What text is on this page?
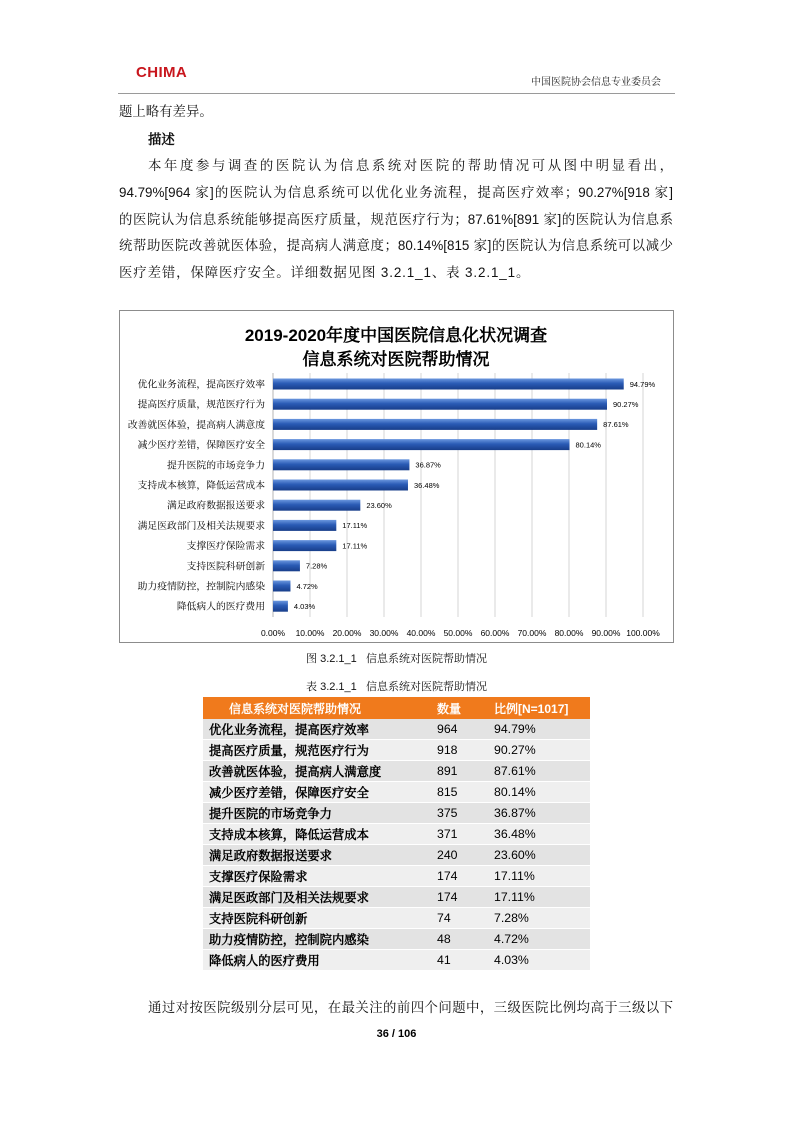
CHIMA
中国医院协会信息专业委员会
题上略有差异。
描述
本年度参与调查的医院认为信息系统对医院的帮助情况可从图中明显看出，
94.79%[964 家]的医院认为信息系统可以优化业务流程，提高医疗效率；90.27%[918 家]
的医院认为信息系统能够提高医疗质量，规范医疗行为；87.61%[891 家]的医院认为信息系
统帮助医院改善就医体验，提高病人满意度；80.14%[815 家]的医院认为信息系统可以减少
医疗差错，保障医疗安全。详细数据见图 3.2.1_1、表 3.2.1_1。
2019-2020年度中国医院信息化状况调查
信息系统对医院帮助情况
0.00% 10.00% 20.00% 30.00% 40.00% 50.00% 60.00% 70.00% 80.00% 90.00% 100.00%
优化业务流程，提高医疗效率	94.79%
提高医疗质量，规范医疗行为	90.27%
改善就医体验，提高病人满意度	87.61%
减少医疗差错，保障医疗安全	80.14%
提升医院的市场竞争力	36.87%
支持成本核算，降低运营成本	36.48%
满足政府数据报送要求	23.60%
满足医政部门及相关法规要求	17.11%
支撑医疗保险需求	17.11%
支持医院科研创新	7.28%
助力疫情防控，控制院内感染	4.72%
降低病人的医疗费用	4.03%
图 3.2.1_1   信息系统对医院帮助情况
表 3.2.1_1   信息系统对医院帮助情况
信息系统对医院帮助情况	数量	比例[N=1017]
优化业务流程，提高医疗效率	964	94.79%
提高医疗质量，规范医疗行为	918	90.27%
改善就医体验，提高病人满意度	891	87.61%
减少医疗差错，保障医疗安全	815	80.14%
提升医院的市场竞争力	375	36.87%
支持成本核算，降低运营成本	371	36.48%
满足政府数据报送要求	240	23.60%
支撑医疗保险需求	174	17.11%
满足医政部门及相关法规要求	174	17.11%
支持医院科研创新	74	7.28%
助力疫情防控，控制院内感染	48	4.72%
降低病人的医疗费用	41	4.03%
通过对按医院级别分层可见，在最关注的前四个问题中，三级医院比例均高于三级以下
36 / 106
